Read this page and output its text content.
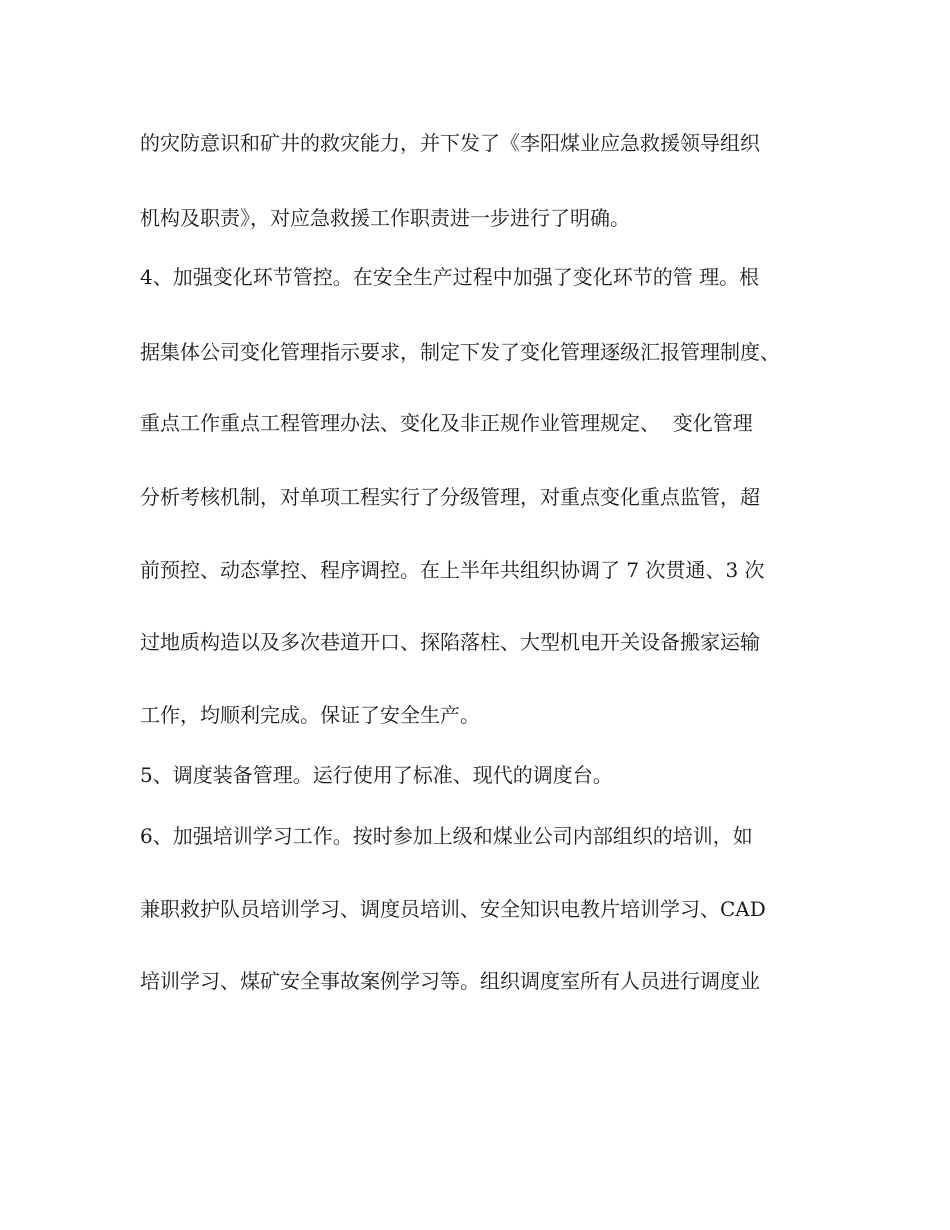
的灾防意识和矿井的救灾能力，并下发了《李阳煤业应急救援领导组织
机构及职责》，对应急救援工作职责进一步进行了明确。
4、加强变化环节管控。在安全生产过程中加强了变化环节的管 理。根
据集体公司变化管理指示要求，制定下发了变化管理逐级汇报管理制度、
重点工作重点工程管理办法、变化及非正规作业管理规定、  变化管理
分析考核机制，对单项工程实行了分级管理，对重点变化重点监管，超
前预控、动态掌控、程序调控。在上半年共组织协调了 7 次贯通、3 次
过地质构造以及多次巷道开口、探陷落柱、大型机电开关设备搬家运输
工作，均顺利完成。保证了安全生产。
5、调度装备管理。运行使用了标准、现代的调度台。
6、加强培训学习工作。按时参加上级和煤业公司内部组织的培训，如
兼职救护队员培训学习、调度员培训、安全知识电教片培训学习、CAD
培训学习、煤矿安全事故案例学习等。组织调度室所有人员进行调度业
